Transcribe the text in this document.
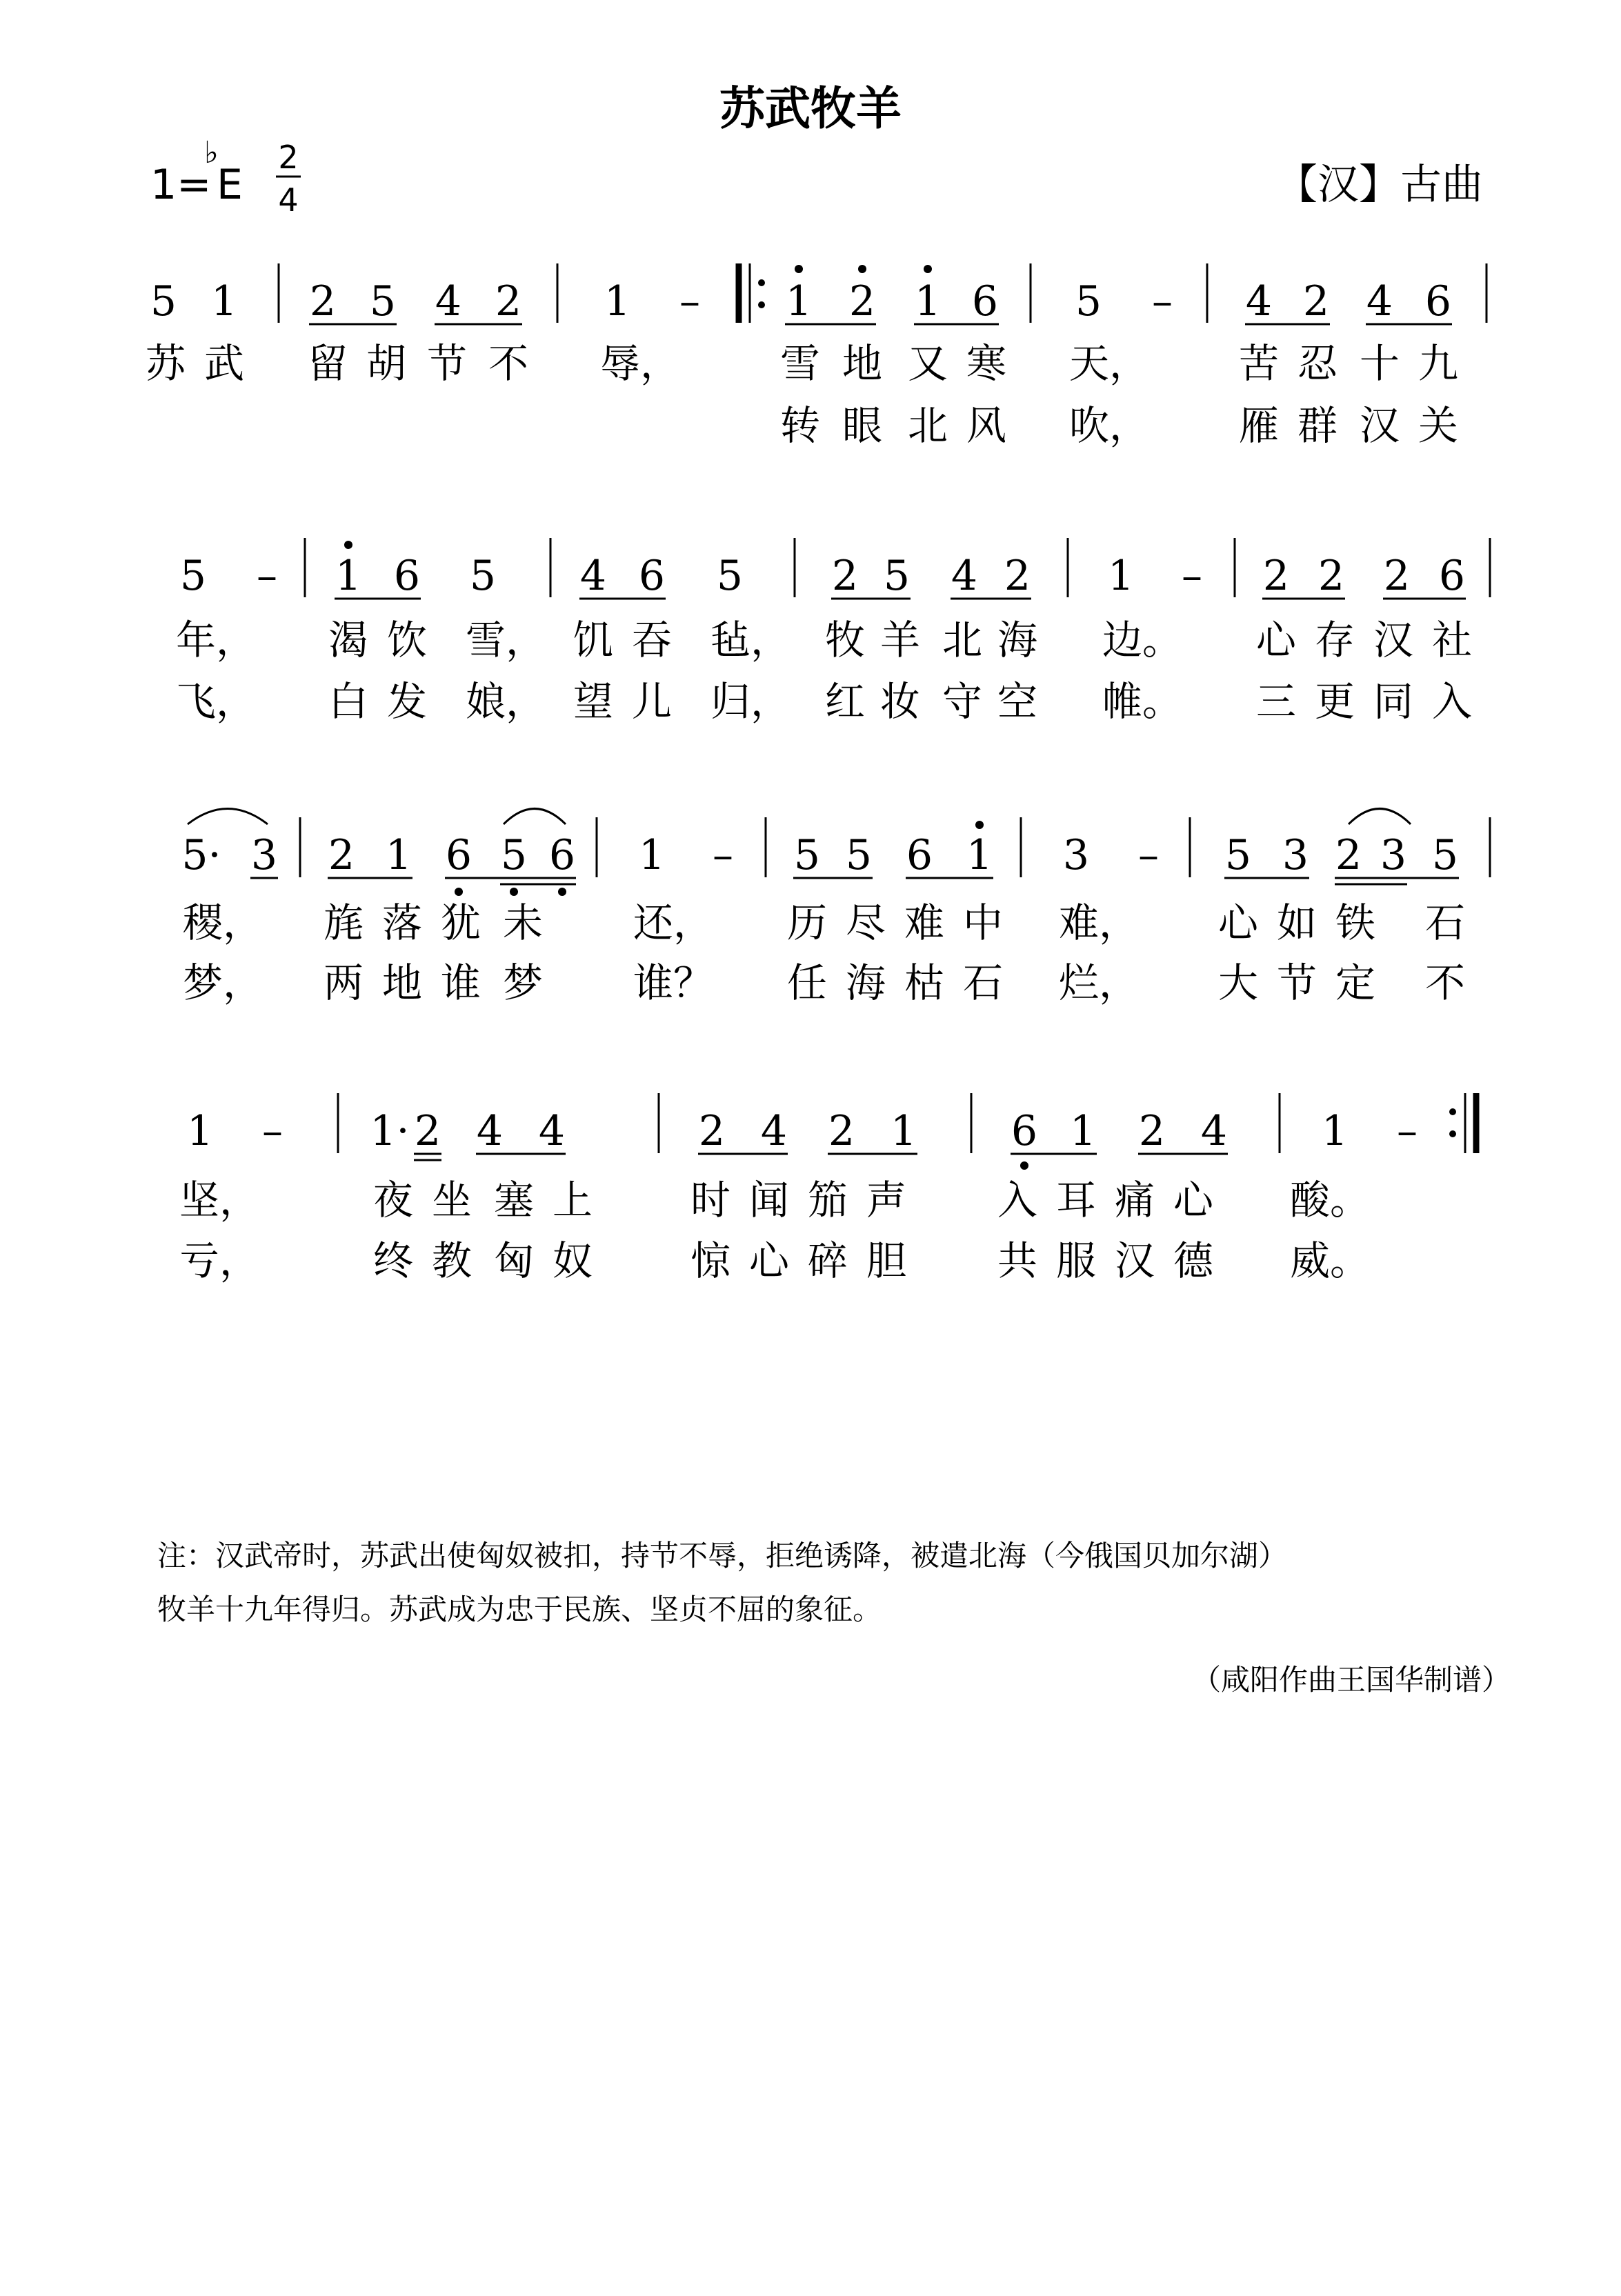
苏武牧羊
1=
♭
E
2
4	【汉】古曲
5 1 2 5 4 2 1 – 1 2 1 6 5 – 4 2 4 6
苏 武 留 胡 节 不 辱， 雪 地 又 寒 天， 苦 忍 十 九
转 眼 北 风 吹， 雁 群 汉 关
5 – 1 6 5 4 6 5 2 5 4 2 1 – 2 2 2 6
年， 渴 饮 雪， 饥 吞 毡， 牧 羊 北 海 边。 心 存 汉 社
飞， 白 发 娘， 望 儿 归， 红 妆 守 空 帷。 三 更 同 入
5· 3 2 1 6 5 6 1 – 5 5 6 1 3 – 5 3 2 3 5
稷， 旄 落 犹 未 还， 历 尽 难 中 难， 心 如 铁 石
梦， 两 地 谁 梦 谁？ 任 海 枯 石 烂， 大 节 定 不
1 – 1· 2 4 4	2 4 2 1 6 1 2 4 1 –
坚，	夜 坐 塞 上 时 闻 笳 声 入 耳 痛 心 酸。
亏，	终 教 匈 奴 惊 心 碎 胆 共 服 汉 德 威。
注：汉武帝时，苏武出使匈奴被扣，持节不辱，拒绝诱降，被遣北海（今俄国贝加尔湖）
牧羊十九年得归。苏武成为忠于民族、坚贞不屈的象征。
（咸阳作曲王国华制谱）
